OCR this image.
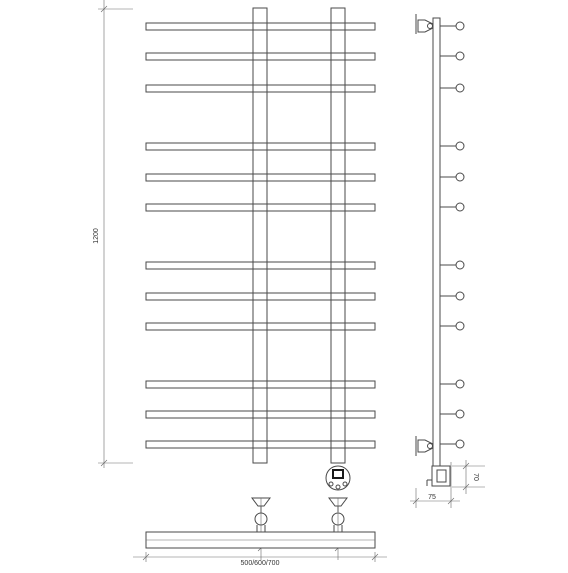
500/600/700
1200
75
70
